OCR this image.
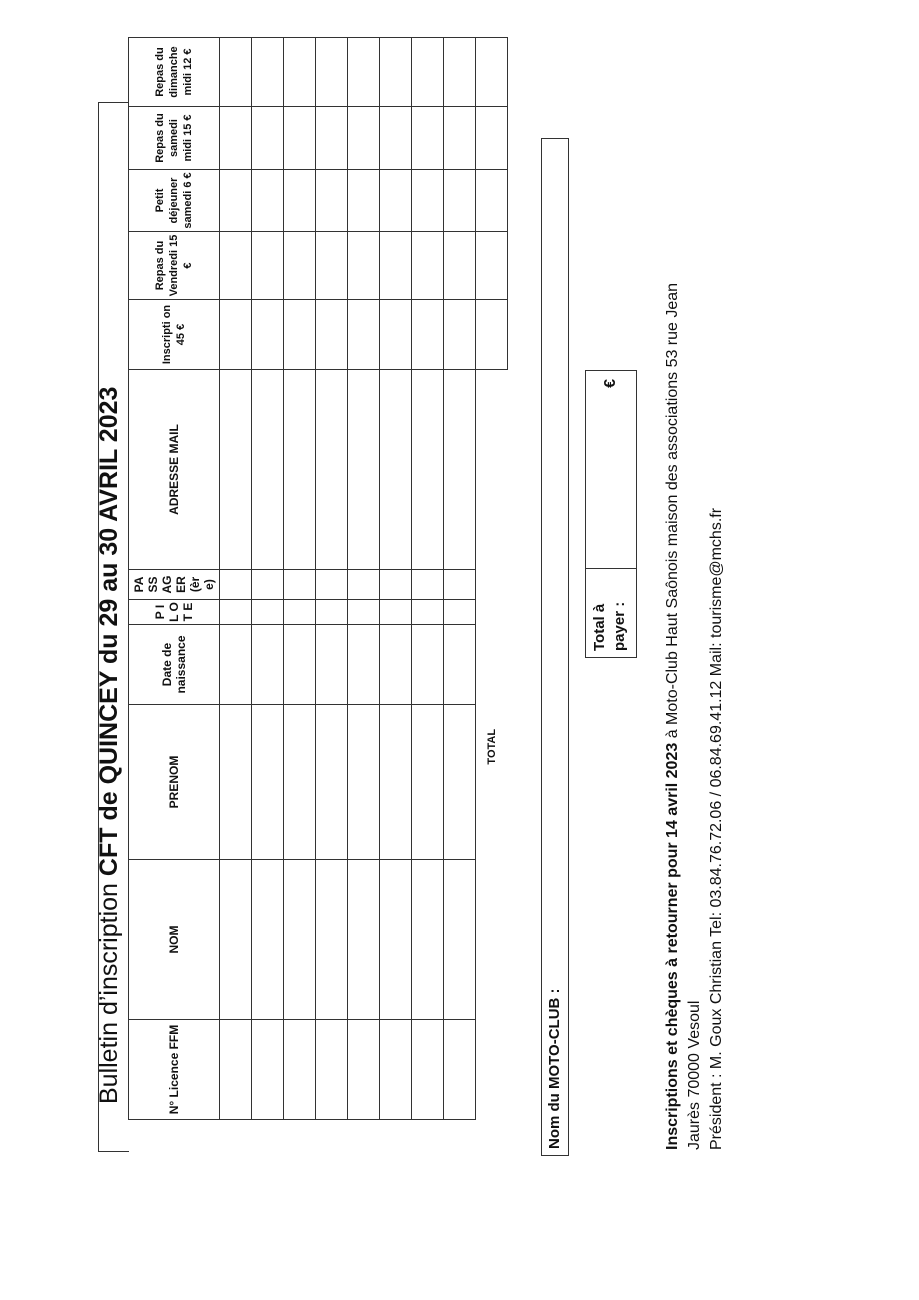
Bulletin d’inscription CFT de QUINCEY du 29 au 30 AVRIL 2023
N° Licence FFM	NOM	PRENOM	Date de naissance	P I L O T E	PA SS AG ER (èr e)	ADRESSE MAIL	Inscripti on 45 €	Repas du Vendredi 15 €	Petit déjeuner samedi 6 €	Repas du samedi midi 15 €	Repas du dimanche midi 12 €

TOTAL											
Nom du MOTO-CLUB :
Total à payer :
€

Inscriptions et chèques à retourner pour 14 avril 2023 à Moto-Club Haut Saônois maison des associations 53 rue Jean

Jaurès 70000 Vesoul Président : M. Goux Christian Tel: 03.84.76.72.06 / 06.84.69.41.12 Mail: tourisme@mchs.fr
